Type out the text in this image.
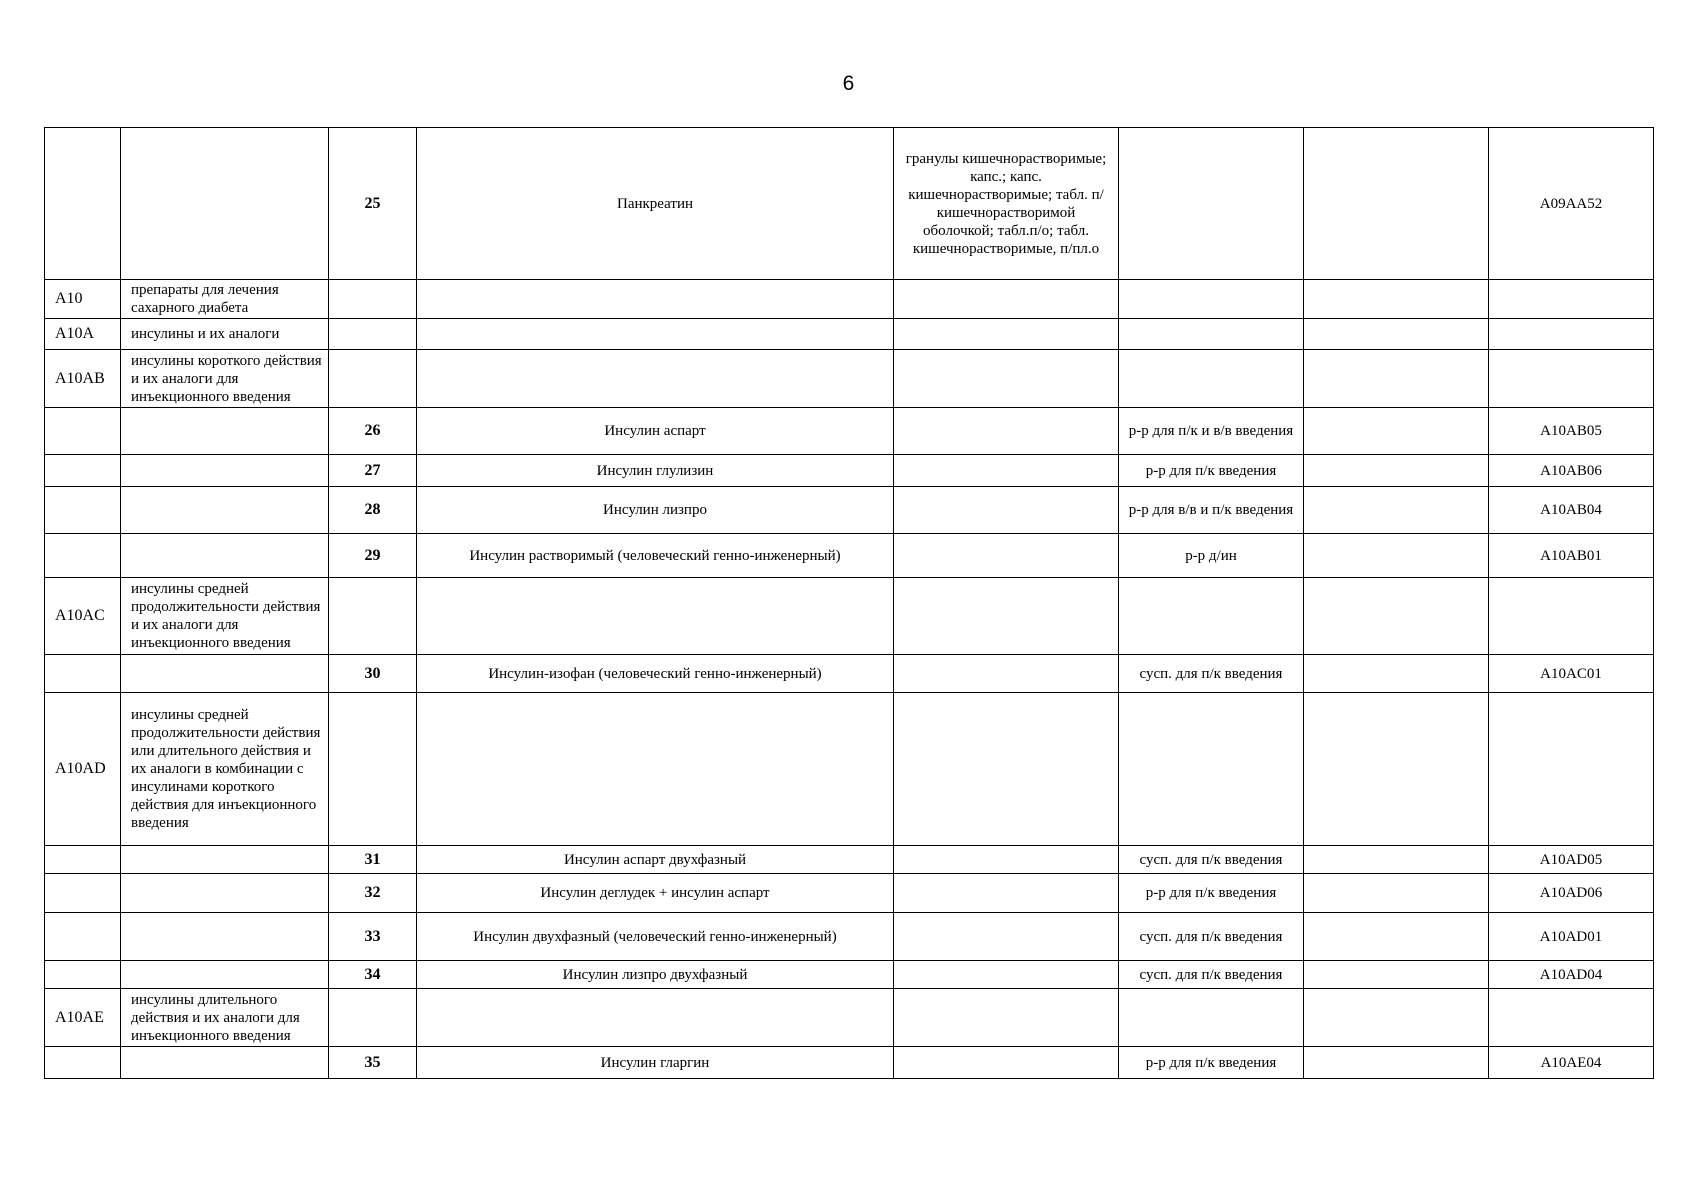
6
		25	Панкреатин	гранулы кишечнорастворимые; капс.; капс. кишечнорастворимые; табл. п/кишечнорастворимой оболочкой; табл.п/о; табл. кишечнорастворимые, п/пл.о			A09AA52
A10	препараты для лечения сахарного диабета						
A10A	инсулины и их аналоги						
A10AB	инсулины короткого действия и их аналоги для инъекционного введения						
		26	Инсулин аспарт		р-р для п/к и в/в введения		A10AB05
		27	Инсулин глулизин		р-р для п/к введения		A10AB06
		28	Инсулин лизпро		р-р для в/в и п/к введения		A10AB04
		29	Инсулин растворимый (человеческий генно-инженерный)		р-р д/ин		A10AB01
A10AC	инсулины средней продолжительности действия и их аналоги для инъекционного введения						
		30	Инсулин-изофан (человеческий генно-инженерный)		сусп. для п/к введения		A10AC01
A10AD	инсулины средней продолжительности действия или длительного действия и их аналоги в комбинации с инсулинами короткого действия для инъекционного введения						
		31	Инсулин аспарт двухфазный		сусп. для п/к введения		A10AD05
		32	Инсулин деглудек + инсулин аспарт		р-р для п/к введения		A10AD06
		33	Инсулин двухфазный (человеческий генно-инженерный)		сусп. для п/к введения		A10AD01
		34	Инсулин лизпро двухфазный		сусп. для п/к введения		A10AD04
A10AE	инсулины длительного действия и их аналоги для инъекционного введения						
		35	Инсулин гларгин		р-р для п/к введения		A10AE04
